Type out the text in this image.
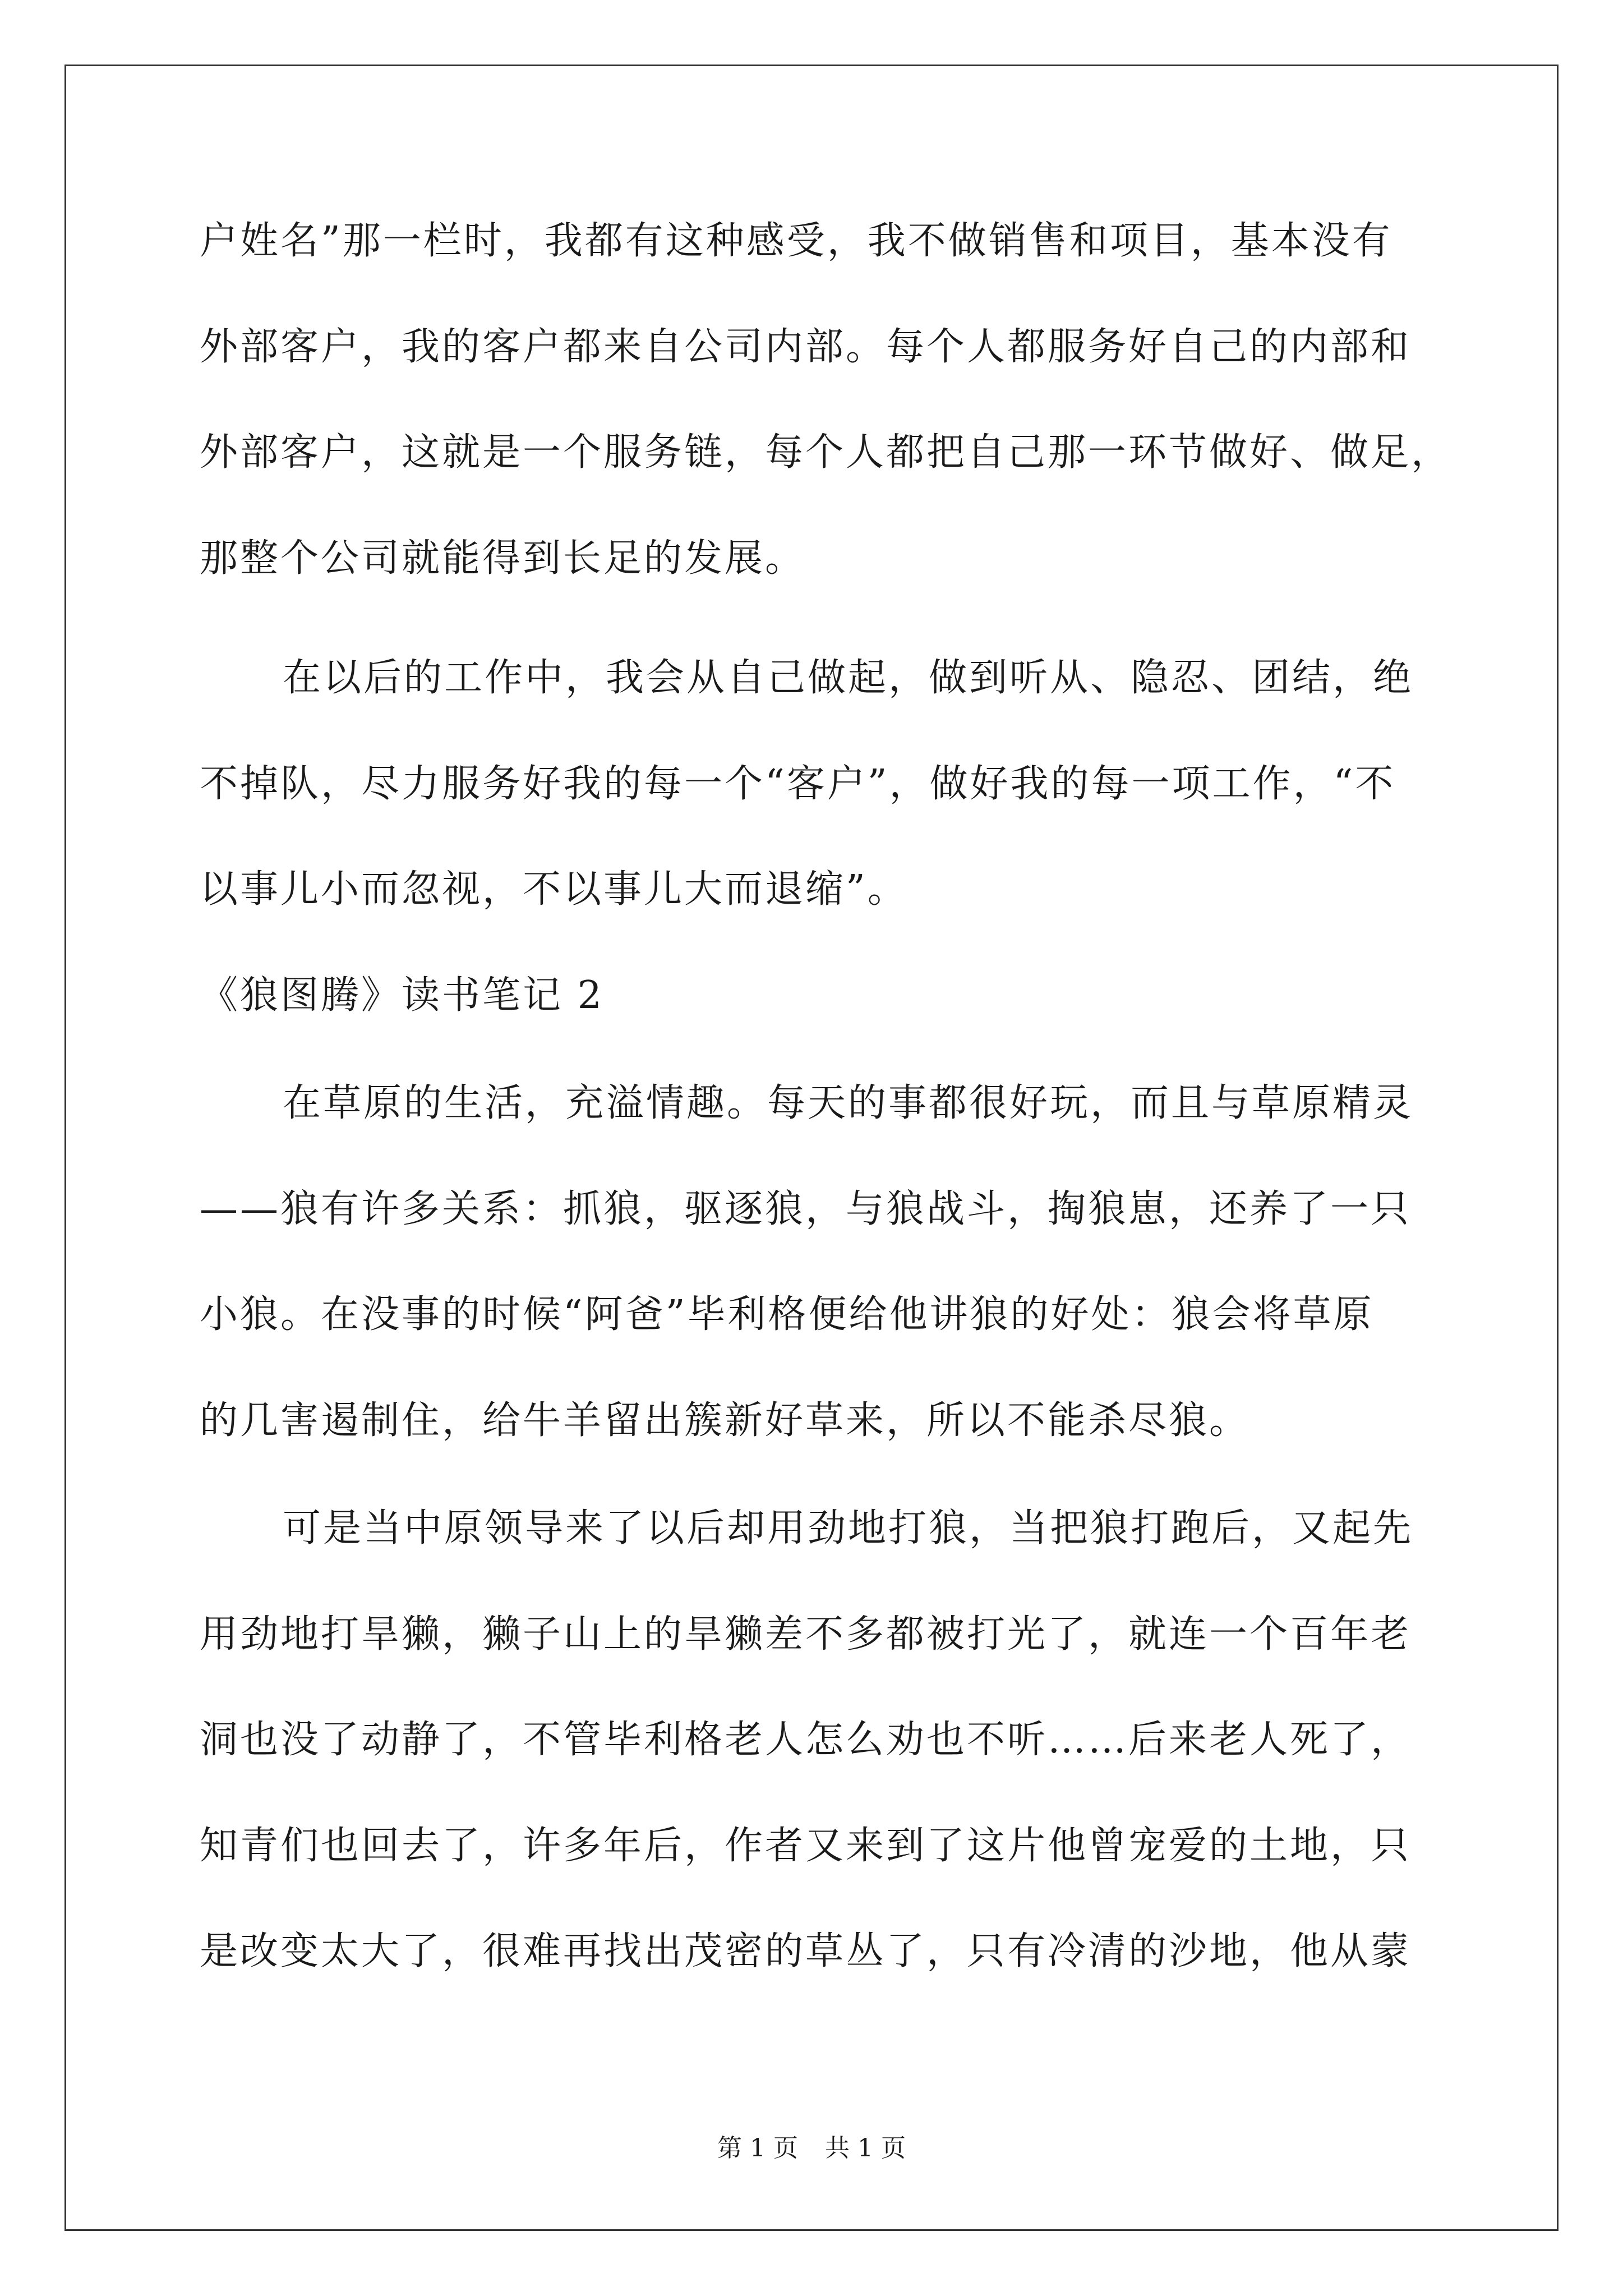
户姓名”那一栏时，我都有这种感受，我不做销售和项目，基本没有
外部客户，我的客户都来自公司内部。每个人都服务好自己的内部和
外部客户，这就是一个服务链，每个人都把自己那一环节做好、做足，
那整个公司就能得到长足的发展。
在以后的工作中，我会从自己做起，做到听从、隐忍、团结，绝
不掉队，尽力服务好我的每一个“客户”，做好我的每一项工作，“不
以事儿小而忽视，不以事儿大而退缩”。
《狼图腾》读书笔记 2
在草原的生活，充溢情趣。每天的事都很好玩，而且与草原精灵
——狼有许多关系：抓狼，驱逐狼，与狼战斗，掏狼崽，还养了一只
小狼。在没事的时候“阿爸”毕利格便给他讲狼的好处：狼会将草原
的几害遏制住，给牛羊留出簇新好草来，所以不能杀尽狼。
可是当中原领导来了以后却用劲地打狼，当把狼打跑后，又起先
用劲地打旱獭，獭子山上的旱獭差不多都被打光了，就连一个百年老
洞也没了动静了，不管毕利格老人怎么劝也不听……后来老人死了，
知青们也回去了，许多年后，作者又来到了这片他曾宠爱的土地，只
是改变太大了，很难再找出茂密的草丛了，只有冷清的沙地，他从蒙
第 1 页 共 1 页
